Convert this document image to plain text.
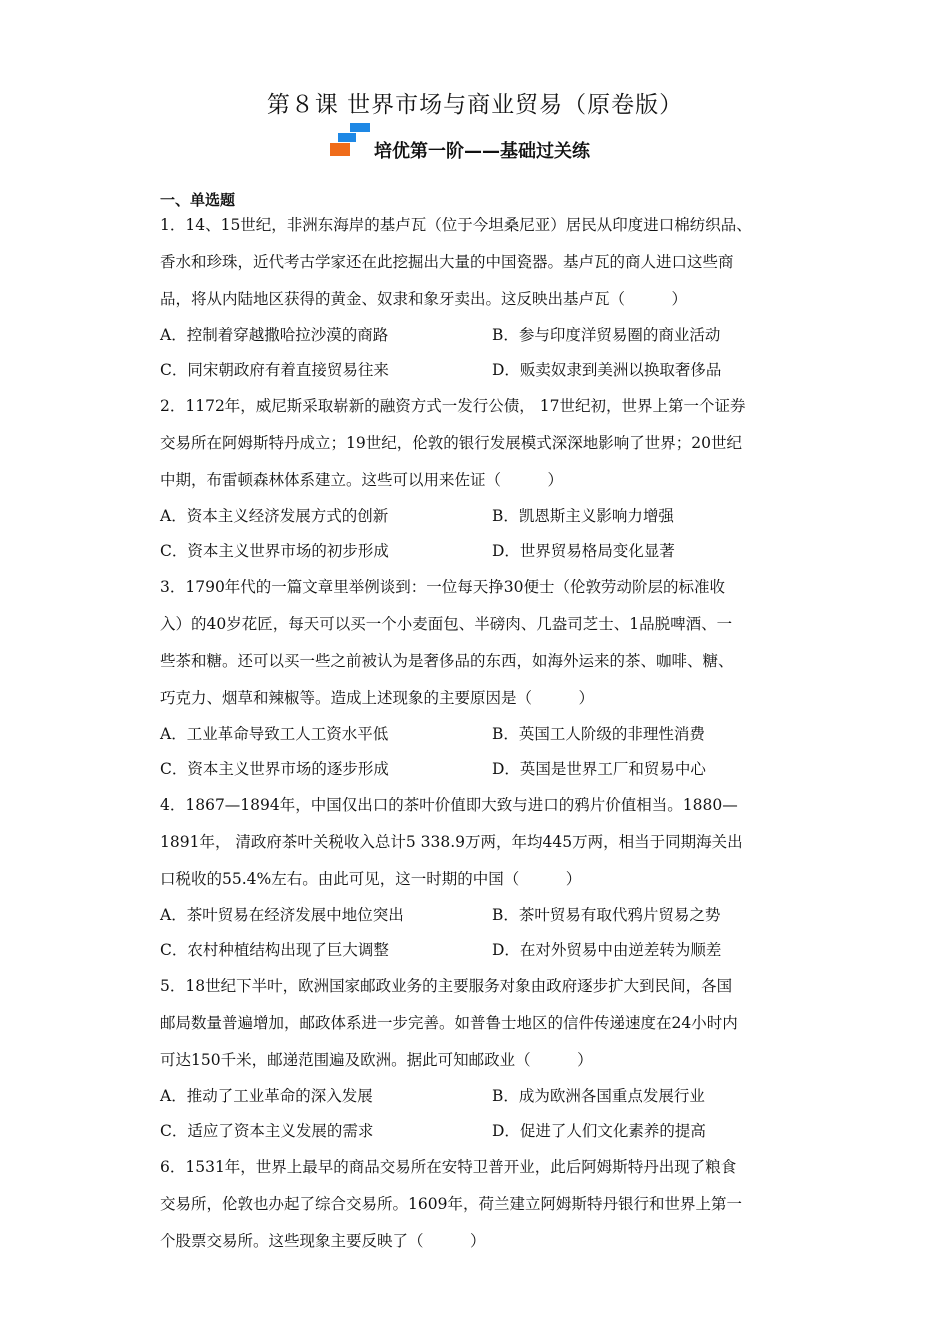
第８课 世界市场与商业贸易（原卷版）
培优第一阶——基础过关练
一、单选题
1．14、15世纪，非洲东海岸的基卢瓦（位于今坦桑尼亚）居民从印度进口棉纺织品、
香水和珍珠，近代考古学家还在此挖掘出大量的中国瓷器。基卢瓦的商人进口这些商
品，将从内陆地区获得的黄金、奴隶和象牙卖出。这反映出基卢瓦（　　　）
A．控制着穿越撒哈拉沙漠的商路	B．参与印度洋贸易圈的商业活动
C．同宋朝政府有着直接贸易往来	D．贩卖奴隶到美洲以换取奢侈品
2．1172年，威尼斯采取崭新的融资方式一发行公债， 17世纪初，世界上第一个证券
交易所在阿姆斯特丹成立；19世纪，伦敦的银行发展模式深深地影响了世界；20世纪
中期，布雷顿森林体系建立。这些可以用来佐证（　　　）
A．资本主义经济发展方式的创新	B．凯恩斯主义影响力增强
C．资本主义世界市场的初步形成	D．世界贸易格局变化显著
3．1790年代的一篇文章里举例谈到：一位每天挣30便士（伦敦劳动阶层的标准收
入）的40岁花匠，每天可以买一个小麦面包、半磅肉、几盎司芝士、1品脱啤酒、一
些茶和糖。还可以买一些之前被认为是奢侈品的东西，如海外运来的茶、咖啡、糖、
巧克力、烟草和辣椒等。造成上述现象的主要原因是（　　　）
A．工业革命导致工人工资水平低	B．英国工人阶级的非理性消费
C．资本主义世界市场的逐步形成	D．英国是世界工厂和贸易中心
4．1867—1894年，中国仅出口的茶叶价值即大致与进口的鸦片价值相当。1880—
1891年， 清政府茶叶关税收入总计5 338.9万两，年均445万两，相当于同期海关出
口税收的55.4%左右。由此可见，这一时期的中国（　　　）
A．茶叶贸易在经济发展中地位突出	B．茶叶贸易有取代鸦片贸易之势
C．农村种植结构出现了巨大调整	D．在对外贸易中由逆差转为顺差
5．18世纪下半叶，欧洲国家邮政业务的主要服务对象由政府逐步扩大到民间，各国
邮局数量普遍增加，邮政体系进一步完善。如普鲁士地区的信件传递速度在24小时内
可达150千米，邮递范围遍及欧洲。据此可知邮政业（　　　）
A．推动了工业革命的深入发展	B．成为欧洲各国重点发展行业
C．适应了资本主义发展的需求	D．促进了人们文化素养的提高
6．1531年，世界上最早的商品交易所在安特卫普开业，此后阿姆斯特丹出现了粮食
交易所，伦敦也办起了综合交易所。1609年，荷兰建立阿姆斯特丹银行和世界上第一
个股票交易所。这些现象主要反映了（　　　）
